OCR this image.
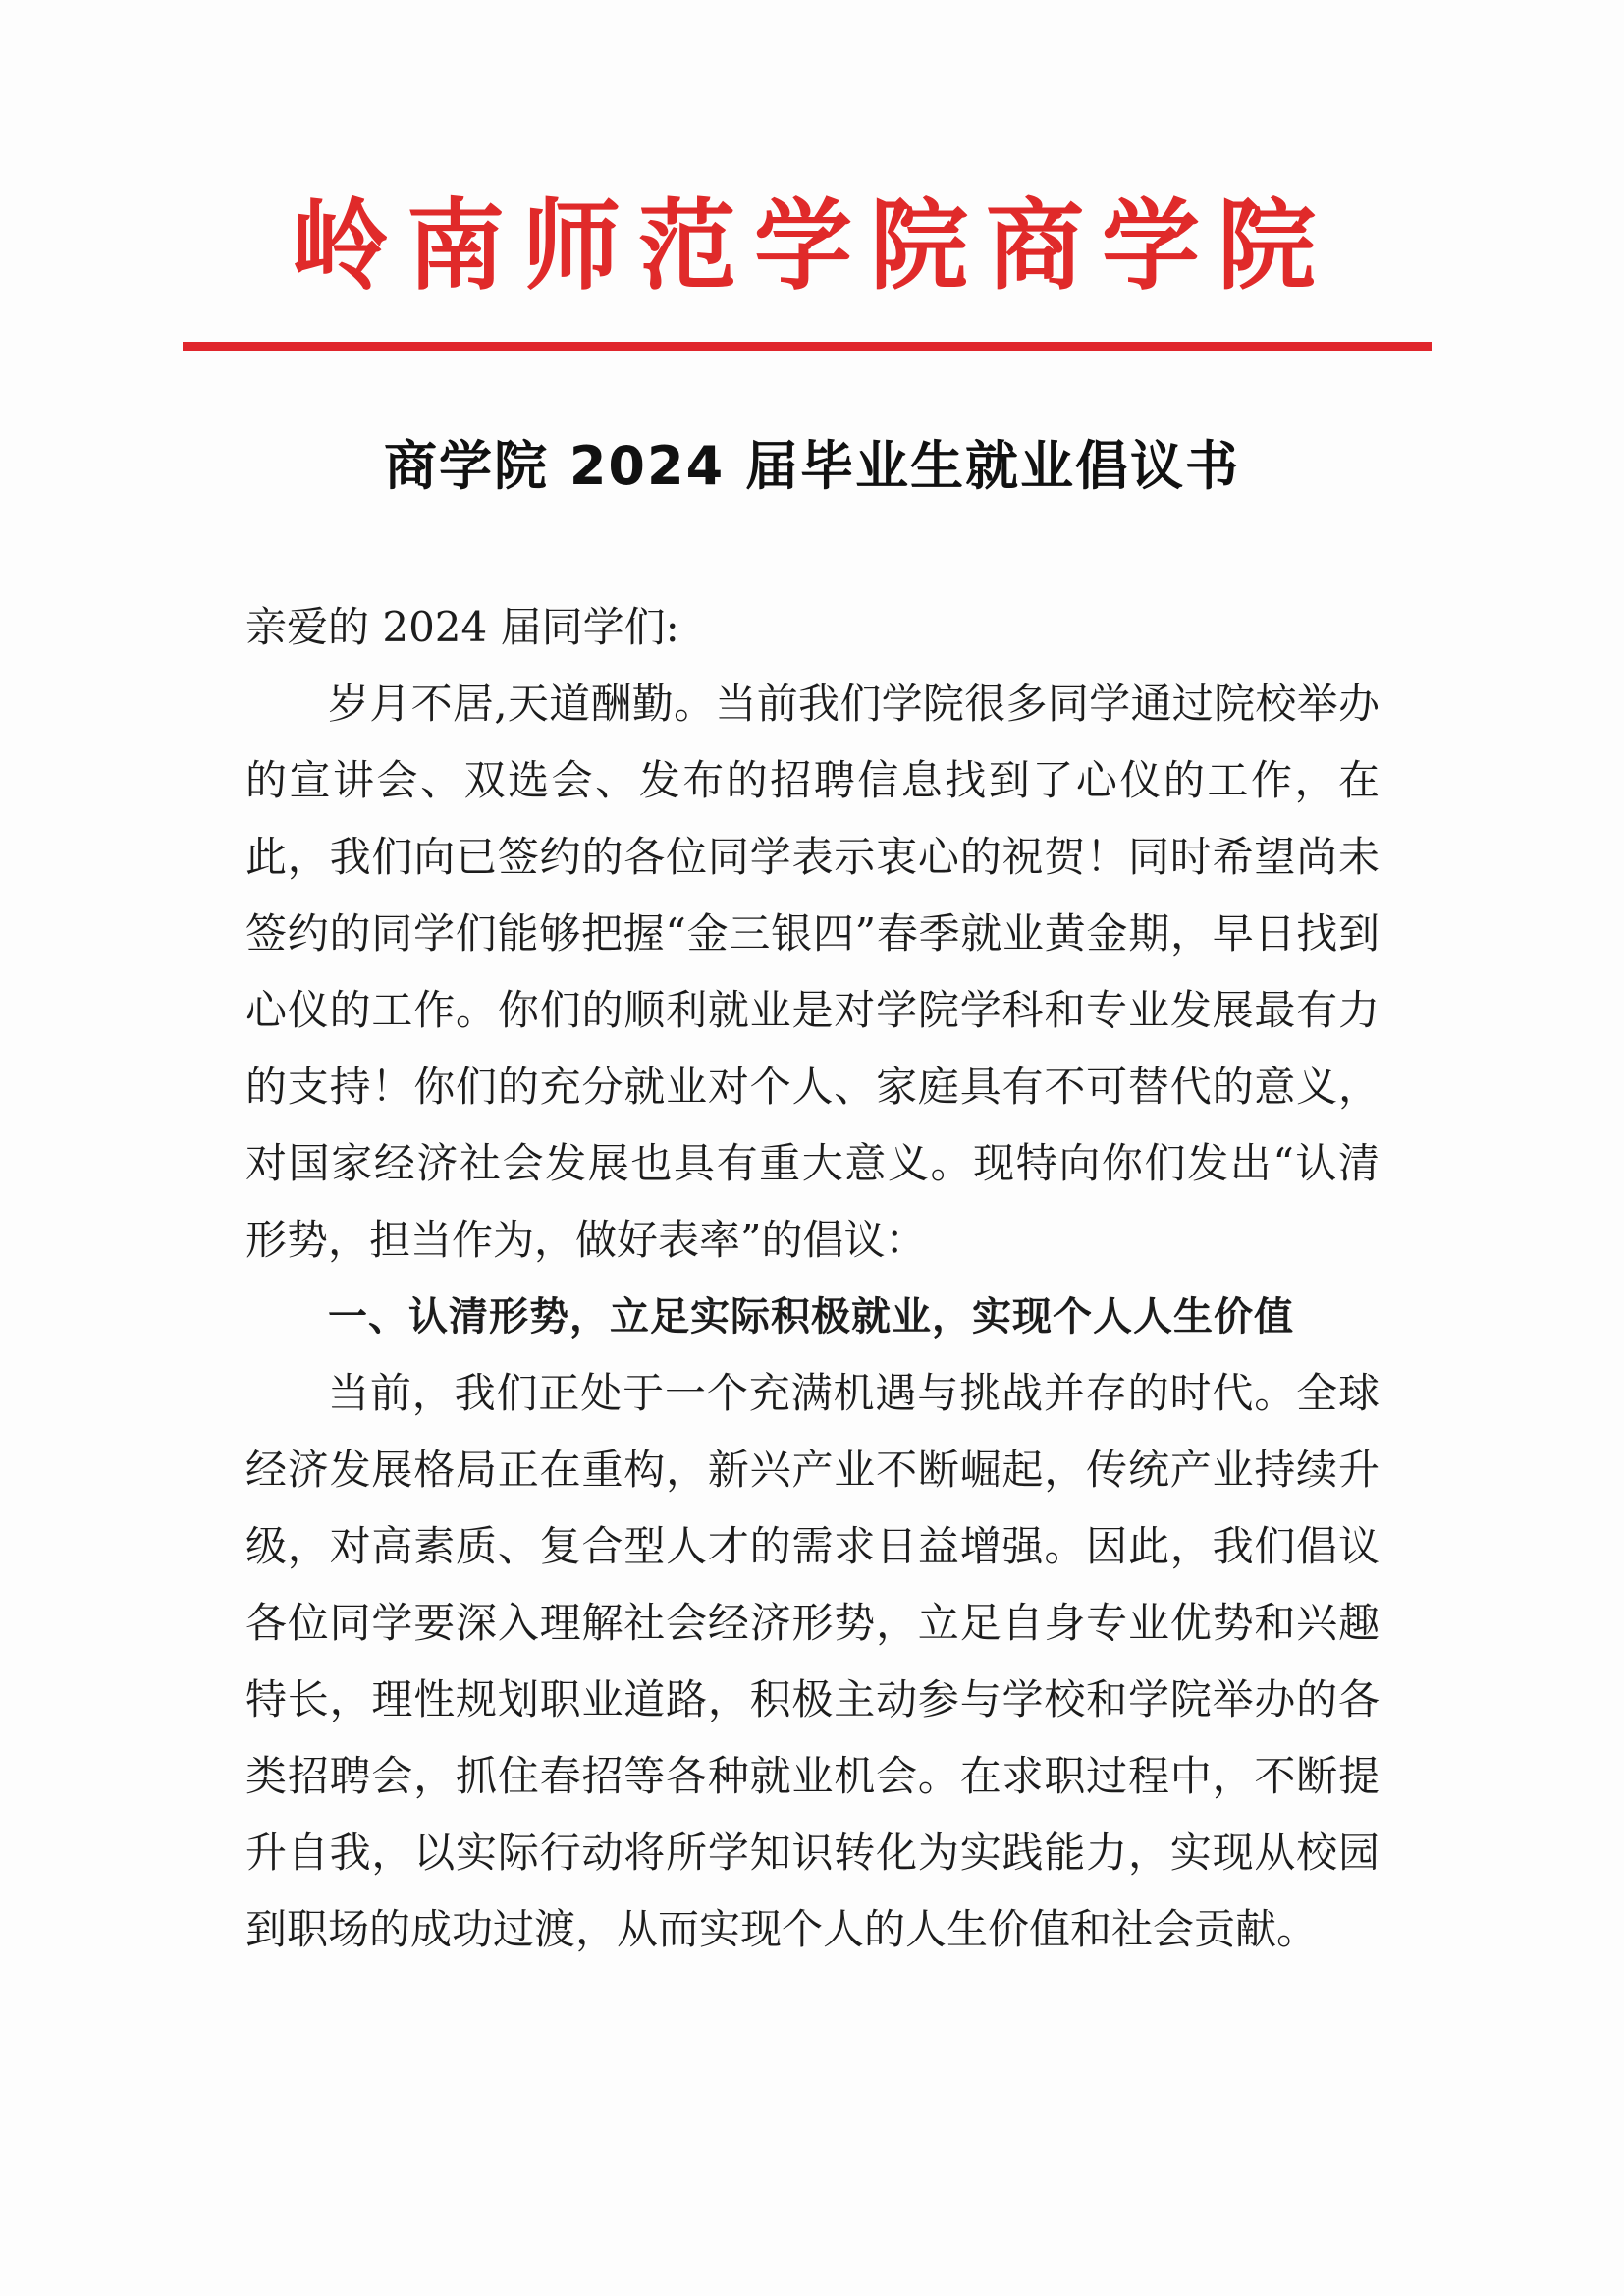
岭南师范学院商学院
商学院 2024 届毕业生就业倡议书

亲爱的 2024 届同学们:

岁月不居,天道酬勤。当前我们学院很多同学通过院校举办的宣讲会、双选会、发布的招聘信息找到了心仪的工作，在此，我们向已签约的各位同学表示衷心的祝贺！同时希望尚未签约的同学们能够把握“金三银四”春季就业黄金期，早日找到心仪的工作。你们的顺利就业是对学院学科和专业发展最有力的支持！你们的充分就业对个人、家庭具有不可替代的意义，对国家经济社会发展也具有重大意义。现特向你们发出“认清形势，担当作为，做好表率”的倡议：

一、认清形势，立足实际积极就业，实现个人人生价值

当前，我们正处于一个充满机遇与挑战并存的时代。全球经济发展格局正在重构，新兴产业不断崛起，传统产业持续升级，对高素质、复合型人才的需求日益增强。因此，我们倡议各位同学要深入理解社会经济形势，立足自身专业优势和兴趣特长，理性规划职业道路，积极主动参与学校和学院举办的各类招聘会，抓住春招等各种就业机会。在求职过程中，不断提升自我，以实际行动将所学知识转化为实践能力，实现从校园到职场的成功过渡，从而实现个人的人生价值和社会贡献。
